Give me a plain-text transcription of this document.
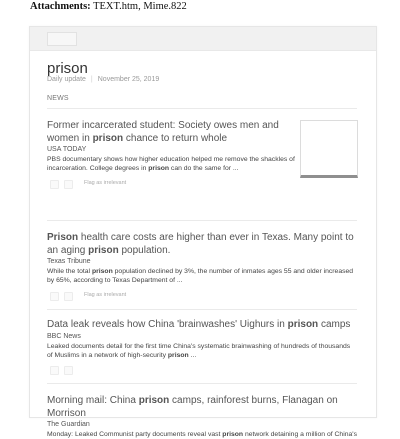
Attachments: TEXT.htm, Mime.822
prison
Daily update | November 25, 2019
NEWS
Former incarcerated student: Society owes men and women in prison chance to return whole
USA TODAY
PBS documentary shows how higher education helped me remove the shackles of incarceration. College degrees in prison can do the same for ...
Flag as irrelevant
Prison health care costs are higher than ever in Texas. Many point to an aging prison population.
Texas Tribune
While the total prison population declined by 3%, the number of inmates ages 55 and older increased by 65%, according to Texas Department of ...
Flag as irrelevant
Data leak reveals how China 'brainwashes' Uighurs in prison camps
BBC News
Leaked documents detail for the first time China's systematic brainwashing of hundreds of thousands of Muslims in a network of high-security prison ...
Morning mail: China prison camps, rainforest burns, Flanagan on Morrison
The Guardian
Monday: Leaked Communist party documents reveal vast prison network detaining a million of China's
